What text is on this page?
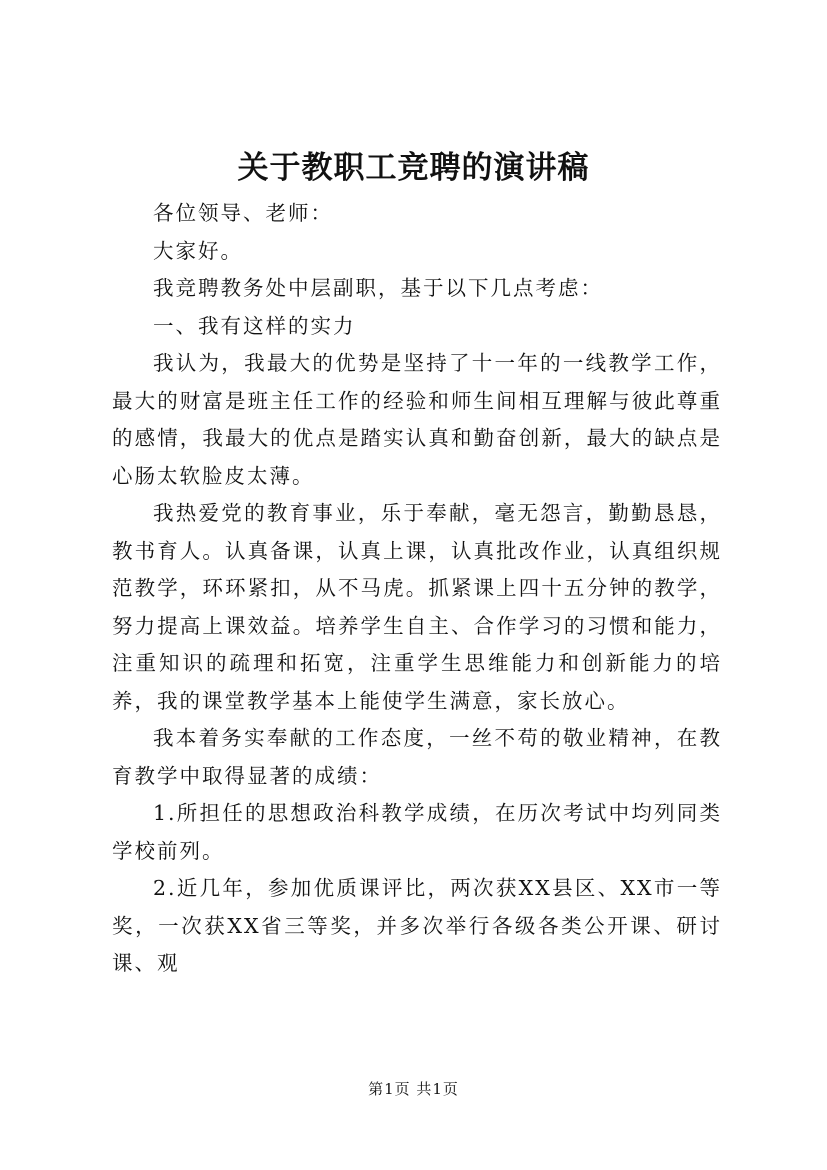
关于教职工竞聘的演讲稿

各位领导、老师：

大家好。

我竞聘教务处中层副职，基于以下几点考虑：

一、我有这样的实力

我认为，我最大的优势是坚持了十一年的一线教学工作，最大的财富是班主任工作的经验和师生间相互理解与彼此尊重的感情，我最大的优点是踏实认真和勤奋创新，最大的缺点是心肠太软脸皮太薄。

我热爱党的教育事业，乐于奉献，毫无怨言，勤勤恳恳，教书育人。认真备课，认真上课，认真批改作业，认真组织规范教学，环环紧扣，从不马虎。抓紧课上四十五分钟的教学，努力提高上课效益。培养学生自主、合作学习的习惯和能力，注重知识的疏理和拓宽，注重学生思维能力和创新能力的培养，我的课堂教学基本上能使学生满意，家长放心。

我本着务实奉献的工作态度，一丝不苟的敬业精神，在教育教学中取得显著的成绩：

1.所担任的思想政治科教学成绩，在历次考试中均列同类学校前列。

2.近几年，参加优质课评比，两次获XX县区、XX市一等奖，一次获XX省三等奖，并多次举行各级各类公开课、研讨课、观

第1页 共1页
